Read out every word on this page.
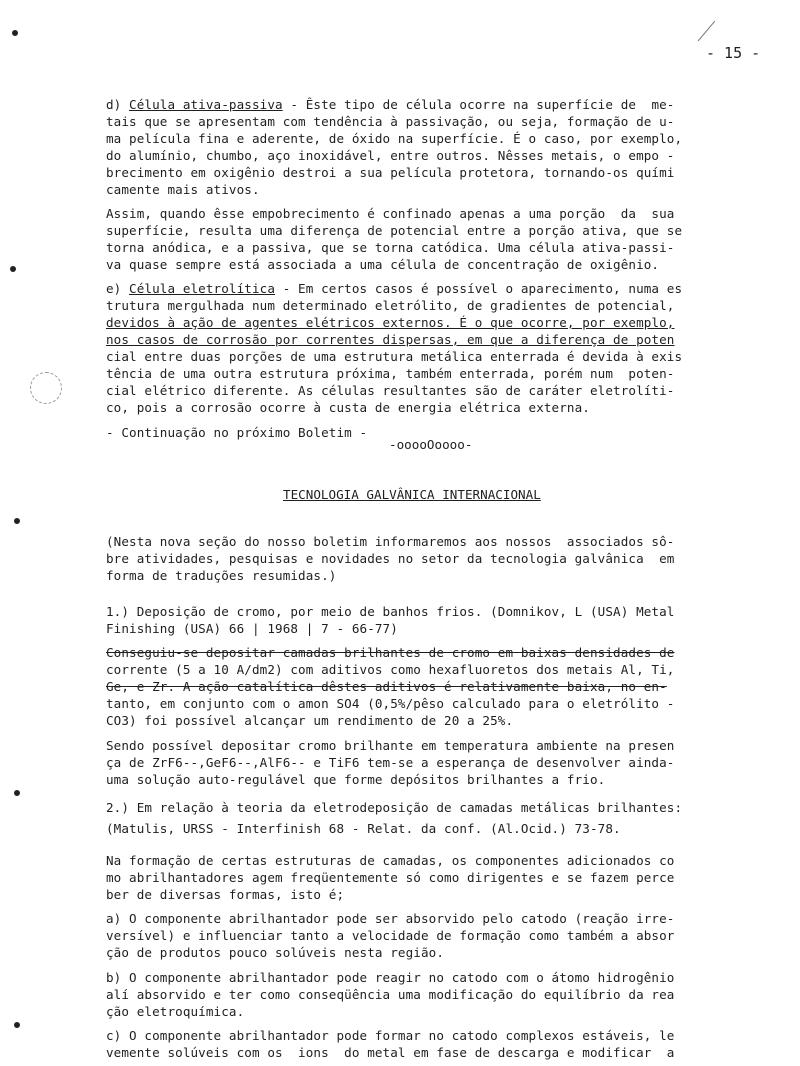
- 15 -
d) Célula ativa-passiva - Êste tipo de célula ocorre na superfície de  me-
tais que se apresentam com tendência à passivação, ou seja, formação de u-
ma película fina e aderente, de óxido na superfície. É o caso, por exemplo,
do alumínio, chumbo, aço inoxidável, entre outros. Nêsses metais, o empo -
brecimento em oxigênio destroi a sua película protetora, tornando-os quími
camente mais ativos.
Assim, quando êsse empobrecimento é confinado apenas a uma porção  da  sua
superfície, resulta uma diferença de potencial entre a porção ativa, que se
torna anódica, e a passiva, que se torna catódica. Uma célula ativa-passi-
va quase sempre está associada a uma célula de concentração de oxigênio.
e) Célula eletrolítica - Em certos casos é possível o aparecimento, numa es
trutura mergulhada num determinado eletrólito, de gradientes de potencial,
devidos à ação de agentes elétricos externos. É o que ocorre, por exemplo,
nos casos de corrosão por correntes dispersas, em que a diferença de poten
cial entre duas porções de uma estrutura metálica enterrada é devida à exis
tência de uma outra estrutura próxima, também enterrada, porém num  poten-
cial elétrico diferente. As células resultantes são de caráter eletrolíti-
co, pois a corrosão ocorre à custa de energia elétrica externa.
- Continuação no próximo Boletim -
-ooooOoooo-
TECNOLOGIA GALVÂNICA INTERNACIONAL
(Nesta nova seção do nosso boletim informaremos aos nossos  associados sô-
bre atividades, pesquisas e novidades no setor da tecnologia galvânica  em
forma de traduções resumidas.)
1.) Deposição de cromo, por meio de banhos frios. (Domnikov, L (USA) Metal
Finishing (USA) 66 | 1968 | 7 - 66-77)
Conseguiu-se depositar camadas brilhantes de cromo em baixas densidades de
corrente (5 a 10 A/dm2) com aditivos como hexafluoretos dos metais Al, Ti,
Ge, e Zr. A ação catalítica dêstes aditivos é relativamente baixa, no en-
tanto, em conjunto com o amon SO4 (0,5%/pêso calculado para o eletrólito -
CO3) foi possível alcançar um rendimento de 20 a 25%.
Sendo possível depositar cromo brilhante em temperatura ambiente na presen
ça de ZrF6--,GeF6--,AlF6-- e TiF6 tem-se a esperança de desenvolver ainda-
uma solução auto-regulável que forme depósitos brilhantes a frio.
2.) Em relação à teoria da eletrodeposição de camadas metálicas brilhantes:
(Matulis, URSS - Interfinish 68 - Relat. da conf. (Al.Ocid.) 73-78.
Na formação de certas estruturas de camadas, os componentes adicionados co
mo abrilhantadores agem freqüentemente só como dirigentes e se fazem perce
ber de diversas formas, isto é;
a) O componente abrilhantador pode ser absorvido pelo catodo (reação irre-
versível) e influenciar tanto a velocidade de formação como também a absor
ção de produtos pouco solúveis nesta região.
b) O componente abrilhantador pode reagir no catodo com o átomo hidrogênio
alí absorvido e ter como conseqüência uma modificação do equilíbrio da rea
ção eletroquímica.
c) O componente abrilhantador pode formar no catodo complexos estáveis, le
vemente solúveis com os  ions  do metal em fase de descarga e modificar  a
